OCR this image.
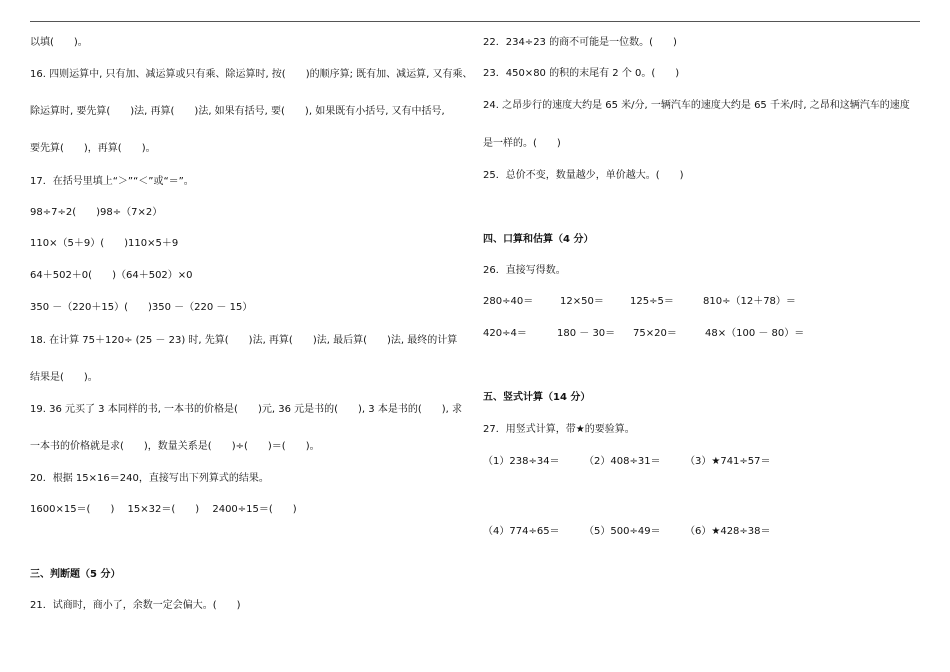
以填(　　)。
16. 四则运算中, 只有加、减运算或只有乘、除运算时, 按(　　)的顺序算; 既有加、减运算, 又有乘、
除运算时, 要先算(　　)法, 再算(　　)法, 如果有括号, 要(　　), 如果既有小括号, 又有中括号,
要先算(　　)，再算(　　)。
17．在括号里填上“＞”“＜”或“＝”。
98÷7÷2(　　)98÷（7×2）
110×（5＋9）(　　)110×5＋9
64＋502＋0(　　)（64＋502）×0
350 －（220＋15）(　　)350 －（220 － 15）
18. 在计算 75＋120÷ (25 － 23) 时, 先算(　　)法, 再算(　　)法, 最后算(　　)法, 最终的计算
结果是(　　)。
19. 36 元买了 3 本同样的书, 一本书的价格是(　　)元, 36 元是书的(　　), 3 本是书的(　　), 求
一本书的价格就是求(　　)，数量关系是(　　)÷(　　)＝(　　)。
20．根据 15×16＝240，直接写出下列算式的结果。
1600×15＝(　　)　 15×32＝(　　)　 2400÷15＝(　　)
三、判断题（5 分）
21．试商时，商小了，余数一定会偏大。(　　)
22．234÷23 的商不可能是一位数。(　　)
23．450×80 的积的末尾有 2 个 0。(　　)
24. 之昂步行的速度大约是 65 米/分, 一辆汽车的速度大约是 65 千米/时, 之昂和这辆汽车的速度
是一样的。(　　)
25．总价不变，数量越少，单价越大。(　　)
四、口算和估算（4 分）
26．直接写得数。
280÷40＝	12×50＝	125÷5＝	810÷（12＋78）＝
420÷4＝	180 － 30＝ 75×20＝	48×（100 － 80）＝
五、竖式计算（14 分）
27．用竖式计算，带★的要验算。
（1）238÷34＝ （2）408÷31＝ （3）★741÷57＝
（4）774÷65＝ （5）500÷49＝ （6）★428÷38＝
